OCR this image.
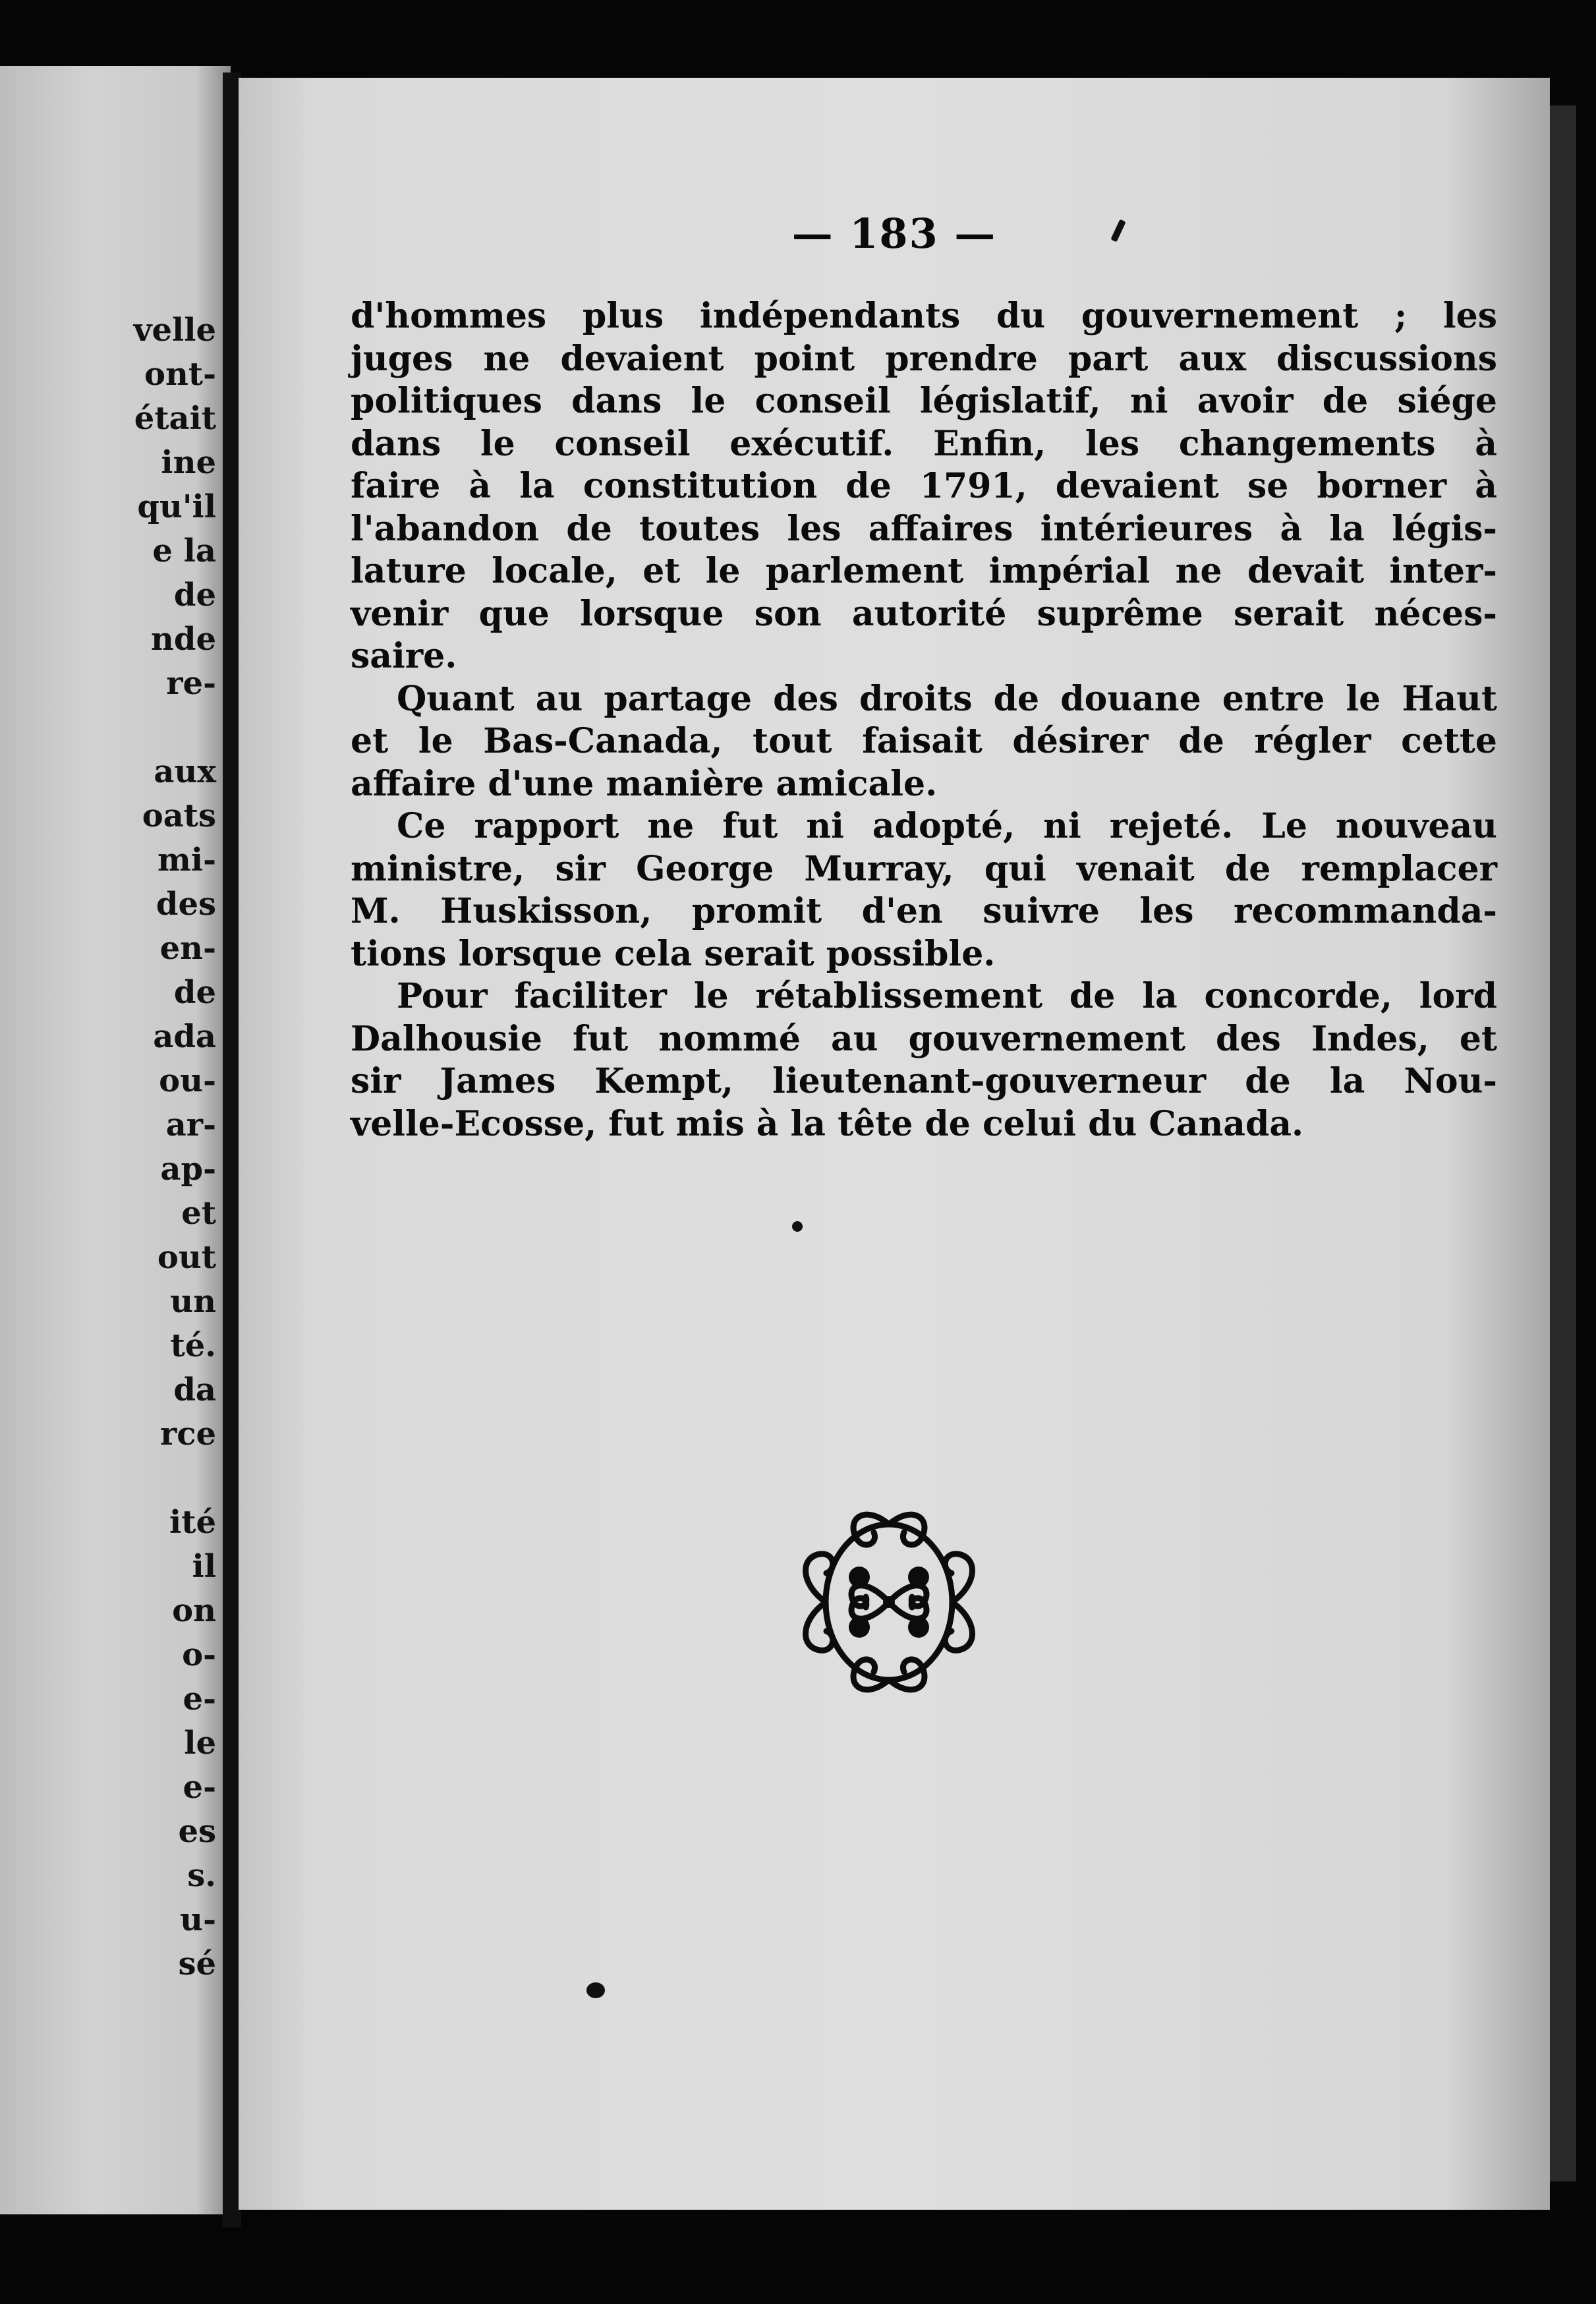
velle
ont-
était
ine
qu'il
e la
de
nde
re-
aux
oats
mi-
des
en-
de
ada
ou-
ar-
ap-
et
out
un
té.
da
rce
ité
il
on
o-
e-
le
e-
es
s.
u-
sé
— 183 —
d'hommes plus indépendants du gouvernement ; les
juges ne devaient point prendre part aux discussions
politiques dans le conseil législatif, ni avoir de siége
dans le conseil exécutif. Enfin, les changements à
faire à la constitution de 1791, devaient se borner à
l'abandon de toutes les affaires intérieures à la légis-
lature locale, et le parlement impérial ne devait inter-
venir que lorsque son autorité suprême serait néces-
saire.
Quant au partage des droits de douane entre le Haut
et le Bas-Canada, tout faisait désirer de régler cette
affaire d'une manière amicale.
Ce rapport ne fut ni adopté, ni rejeté. Le nouveau
ministre, sir George Murray, qui venait de remplacer
M. Huskisson, promit d'en suivre les recommanda-
tions lorsque cela serait possible.
Pour faciliter le rétablissement de la concorde, lord
Dalhousie fut nommé au gouvernement des Indes, et
sir James Kempt, lieutenant-gouverneur de la Nou-
velle-Ecosse, fut mis à la tête de celui du Canada.
